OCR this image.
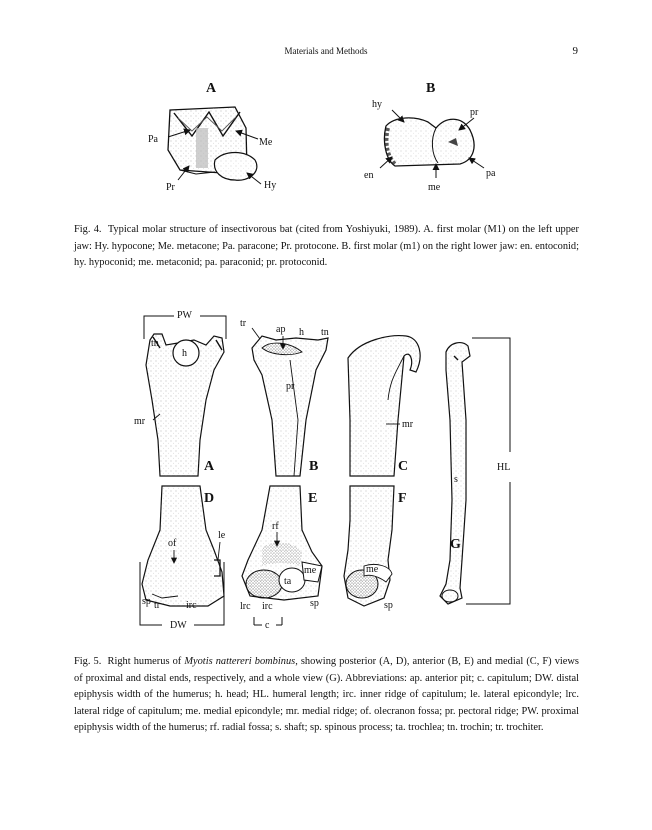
Materials and Methods	9
A
Pa	Me
Pr	Hy
B
hy
pr
en
me
pa
PW
tn
h
mr
A
tr
ap h tn
pr
B
mr
C
D
of
le
sp tr	irc
DW
E
rf
me
ta
sp
lrc irc
c
F
me
sp
HL
s
G

Fig. 4. Typical molar structure of insectivorous bat (cited from Yoshiyuki, 1989). A. first molar (M1) on the left upper jaw: Hy. hypocone; Me. metacone; Pa. paracone; Pr. protocone. B. first molar (m1) on the right lower jaw: en. entoconid; hy. hypoconid; me. metaconid; pa. paraconid; pr. protoconid.

Fig. 5. Right humerus of Myotis nattereri bombinus, showing posterior (A, D), anterior (B, E) and medial (C, F) views of proximal and distal ends, respectively, and a whole view (G). Abbreviations: ap. anterior pit; c. capitulum; DW. distal epiphysis width of the humerus; h. head; HL. humeral length; irc. inner ridge of capitulum; le. lateral epicondyle; lrc. lateral ridge of capitulum; me. medial epicondyle; mr. medial ridge; of. olecranon fossa; pr. pectoral ridge; PW. proximal epiphysis width of the humerus; rf. radial fossa; s. shaft; sp. spinous process; ta. trochlea; tn. trochin; tr. trochiter.
